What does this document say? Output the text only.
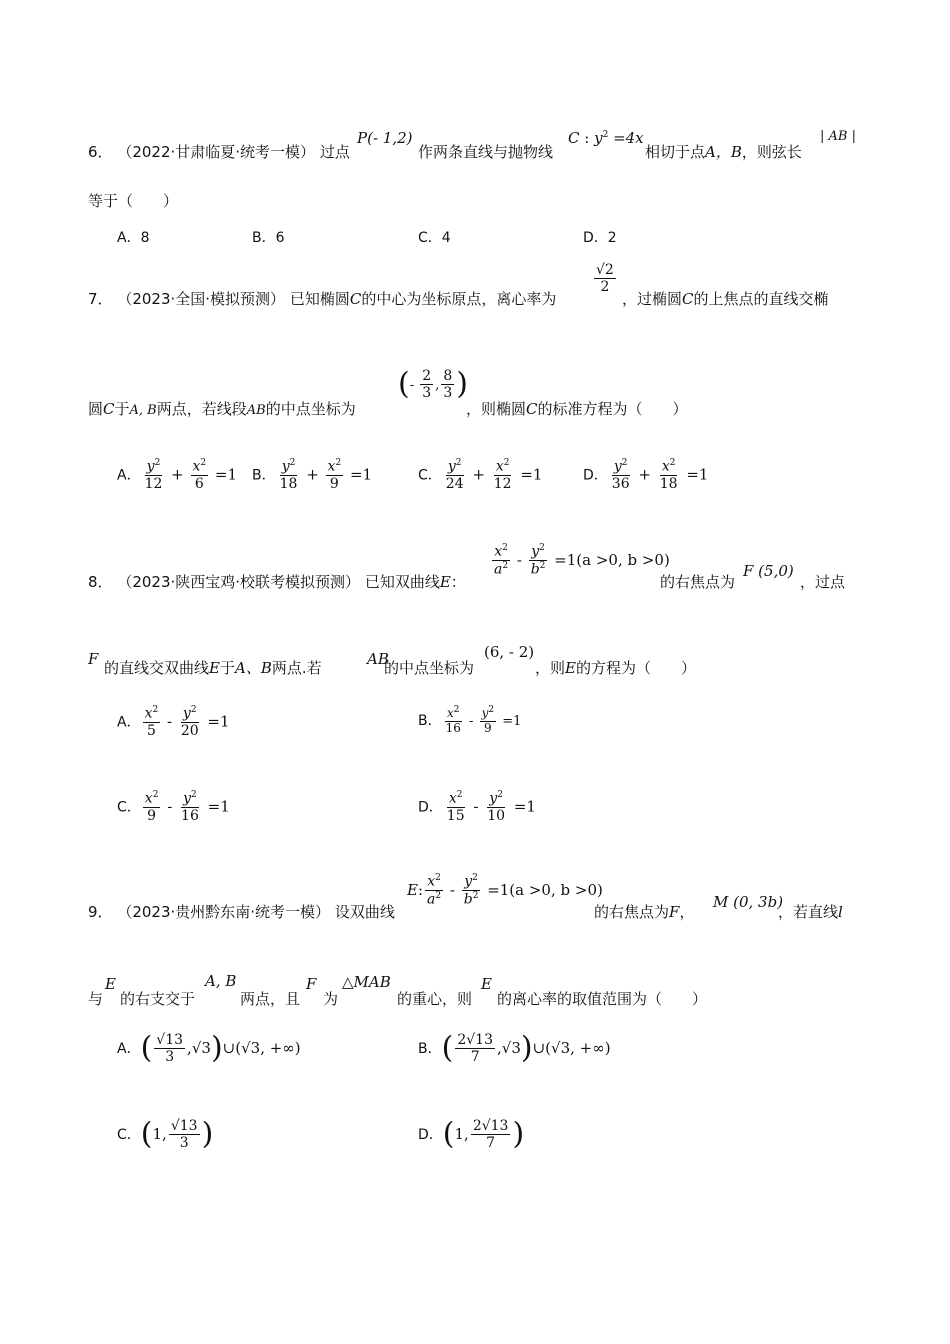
6． （2022·甘肃临夏·统考一模） 过点
P(- 1,2)
作两条直线与抛物线
C : $y^2 =4x$
相切于点A，B，则弦长
| AB |
等于（　　）
A．8	B．6	C．4	D．2
7． （2023·全国·模拟预测） 已知椭圆C的中心为坐标原点，离心率为
$\frac{√2}{2}$
，过椭圆C的上焦点的直线交椭
圆C于A, B两点，若线段AB的中点坐标为
(- $\frac{2}{3}$ , $\frac{8}{3}$ )
，则椭圆C的标准方程为（　　）
A． $\frac{y^2}{12} + \frac{x^2}{6} =1$ B． $\frac{y^2}{18} + \frac{x^2}{9} =1$	C． $\frac{y^2}{24} + \frac{x^2}{12} =1$	D． $\frac{y^2}{36} + \frac{x^2}{18} =1$
8． （2023·陕西宝鸡·校联考模拟预测） 已知双曲线E：
$\frac{x^2}{a^2} - \frac{y^2}{b^2} =1(a >0$, b >0)
的右焦点为
F (5,0)
，过点
F 的直线交双曲线E于A、B两点.若	AB
的中点坐标为
(6, - 2)
，则E的方程为（　　）
A． $\frac{x^2}{5} - \frac{y^2}{20} =1$	B． $\frac{x^2}{16} - \frac{y^2}{9} =1$
C． $\frac{x^2}{9} - \frac{y^2}{16} =1$	D． $\frac{x^2}{15} - \frac{y^2}{10} =1$
9． （2023·贵州黔东南·统考一模） 设双曲线
E: $\frac{x^2}{a^2} - \frac{y^2}{b^2} =1(a >0$, b >0)
的右焦点为F，
M (0, 3b)
，若直线l
与
E
的右支交于
A, B
两点，且
F
为
△MAB
的重心，则
E
的离心率的取值范围为（　　）
A．( $\frac{√13}{3}$ ,√3)∪(√3, +∞)	B．( $\frac{2√13}{7}$ ,√3)∪(√3, +∞)
C．(1, $\frac{√13}{3}$ )	D．(1, $\frac{2√13}{7}$ )
